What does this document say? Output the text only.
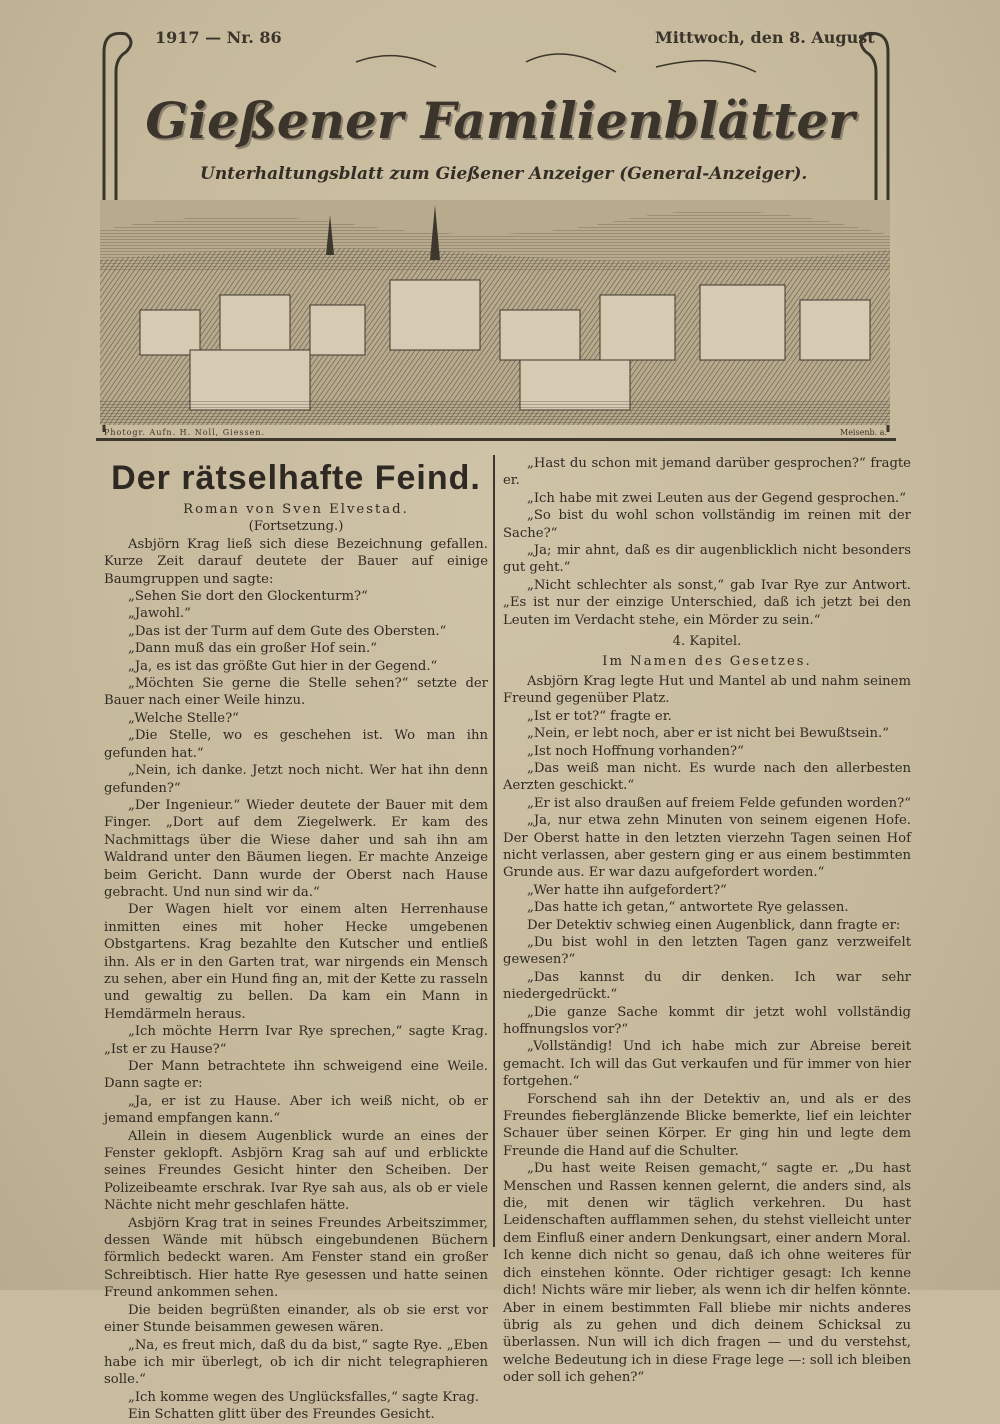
1917 — Nr. 86	Mittwoch, den 8. August
Gießener Familienblätter
Unterhaltungsblatt zum Gießener Anzeiger (General-Anzeiger).
Photogr. Aufn. H. Noll, Giessen.	Meisenb. a.
Der rätselhafte Feind.
Roman von Sven Elvestad.
(Fortsetzung.)

Asbjörn Krag ließ sich diese Bezeichnung gefallen. Kurze Zeit darauf deutete der Bauer auf einige Baumgruppen und sagte:

„Sehen Sie dort den Glockenturm?“

„Jawohl.“

„Das ist der Turm auf dem Gute des Obersten.“

„Dann muß das ein großer Hof sein.“

„Ja, es ist das größte Gut hier in der Gegend.“

„Möchten Sie gerne die Stelle sehen?“ setzte der Bauer nach einer Weile hinzu.

„Welche Stelle?“

„Die Stelle, wo es geschehen ist. Wo man ihn gefunden hat.“

„Nein, ich danke. Jetzt noch nicht. Wer hat ihn denn gefunden?“

„Der Ingenieur.“ Wieder deutete der Bauer mit dem Finger. „Dort auf dem Ziegelwerk. Er kam des Nachmittags über die Wiese daher und sah ihn am Waldrand unter den Bäumen liegen. Er machte Anzeige beim Gericht. Dann wurde der Oberst nach Hause gebracht. Und nun sind wir da.“

Der Wagen hielt vor einem alten Herrenhause inmitten eines mit hoher Hecke umgebenen Obstgartens. Krag bezahlte den Kutscher und entließ ihn. Als er in den Garten trat, war nirgends ein Mensch zu sehen, aber ein Hund fing an, mit der Kette zu rasseln und gewaltig zu bellen. Da kam ein Mann in Hemdärmeln heraus.

„Ich möchte Herrn Ivar Rye sprechen,“ sagte Krag. „Ist er zu Hause?“

Der Mann betrachtete ihn schweigend eine Weile. Dann sagte er:

„Ja, er ist zu Hause. Aber ich weiß nicht, ob er jemand empfangen kann.“

Allein in diesem Augenblick wurde an eines der Fenster geklopft. Asbjörn Krag sah auf und erblickte seines Freundes Gesicht hinter den Scheiben. Der Polizeibeamte erschrak. Ivar Rye sah aus, als ob er viele Nächte nicht mehr geschlafen hätte.

Asbjörn Krag trat in seines Freundes Arbeitszimmer, dessen Wände mit hübsch eingebundenen Büchern förmlich bedeckt waren. Am Fenster stand ein großer Schreibtisch. Hier hatte Rye gesessen und hatte seinen Freund ankommen sehen.

Die beiden begrüßten einander, als ob sie erst vor einer Stunde beisammen gewesen wären.

„Na, es freut mich, daß du da bist,“ sagte Rye. „Eben habe ich mir überlegt, ob ich dir nicht telegraphieren solle.“

„Ich komme wegen des Unglücksfalles,“ sagte Krag.

Ein Schatten glitt über des Freundes Gesicht.

„Hast du schon mit jemand darüber gesprochen?“ fragte er.

„Ich habe mit zwei Leuten aus der Gegend gesprochen.“

„So bist du wohl schon vollständig im reinen mit der Sache?“

„Ja; mir ahnt, daß es dir augenblicklich nicht besonders gut geht.“

„Nicht schlechter als sonst,“ gab Ivar Rye zur Antwort. „Es ist nur der einzige Unterschied, daß ich jetzt bei den Leuten im Verdacht stehe, ein Mörder zu sein.“

4. Kapitel.
Im Namen des Gesetzes.

Asbjörn Krag legte Hut und Mantel ab und nahm seinem Freund gegenüber Platz.

„Ist er tot?“ fragte er.

„Nein, er lebt noch, aber er ist nicht bei Bewußtsein.“

„Ist noch Hoffnung vorhanden?“

„Das weiß man nicht. Es wurde nach den allerbesten Aerzten geschickt.“

„Er ist also draußen auf freiem Felde gefunden worden?“

„Ja, nur etwa zehn Minuten von seinem eigenen Hofe. Der Oberst hatte in den letzten vierzehn Tagen seinen Hof nicht verlassen, aber gestern ging er aus einem bestimmten Grunde aus. Er war dazu aufgefordert worden.“

„Wer hatte ihn aufgefordert?“

„Das hatte ich getan,“ antwortete Rye gelassen.

Der Detektiv schwieg einen Augenblick, dann fragte er:

„Du bist wohl in den letzten Tagen ganz verzweifelt gewesen?“

„Das kannst du dir denken. Ich war sehr niedergedrückt.“

„Die ganze Sache kommt dir jetzt wohl vollständig hoffnungslos vor?“

„Vollständig! Und ich habe mich zur Abreise bereit gemacht. Ich will das Gut verkaufen und für immer von hier fortgehen.“

Forschend sah ihn der Detektiv an, und als er des Freundes fieberglänzende Blicke bemerkte, lief ein leichter Schauer über seinen Körper. Er ging hin und legte dem Freunde die Hand auf die Schulter.

„Du hast weite Reisen gemacht,“ sagte er. „Du hast Menschen und Rassen kennen gelernt, die anders sind, als die, mit denen wir täglich verkehren. Du hast Leidenschaften aufflammen sehen, du stehst vielleicht unter dem Einfluß einer andern Denkungsart, einer andern Moral. Ich kenne dich nicht so genau, daß ich ohne weiteres für dich einstehen könnte. Oder richtiger gesagt: Ich kenne dich! Nichts wäre mir lieber, als wenn ich dir helfen könnte. Aber in einem bestimmten Fall bliebe mir nichts anderes übrig als zu gehen und dich deinem Schicksal zu überlassen. Nun will ich dich fragen — und du verstehst, welche Bedeutung ich in diese Frage lege —: soll ich bleiben oder soll ich gehen?“
